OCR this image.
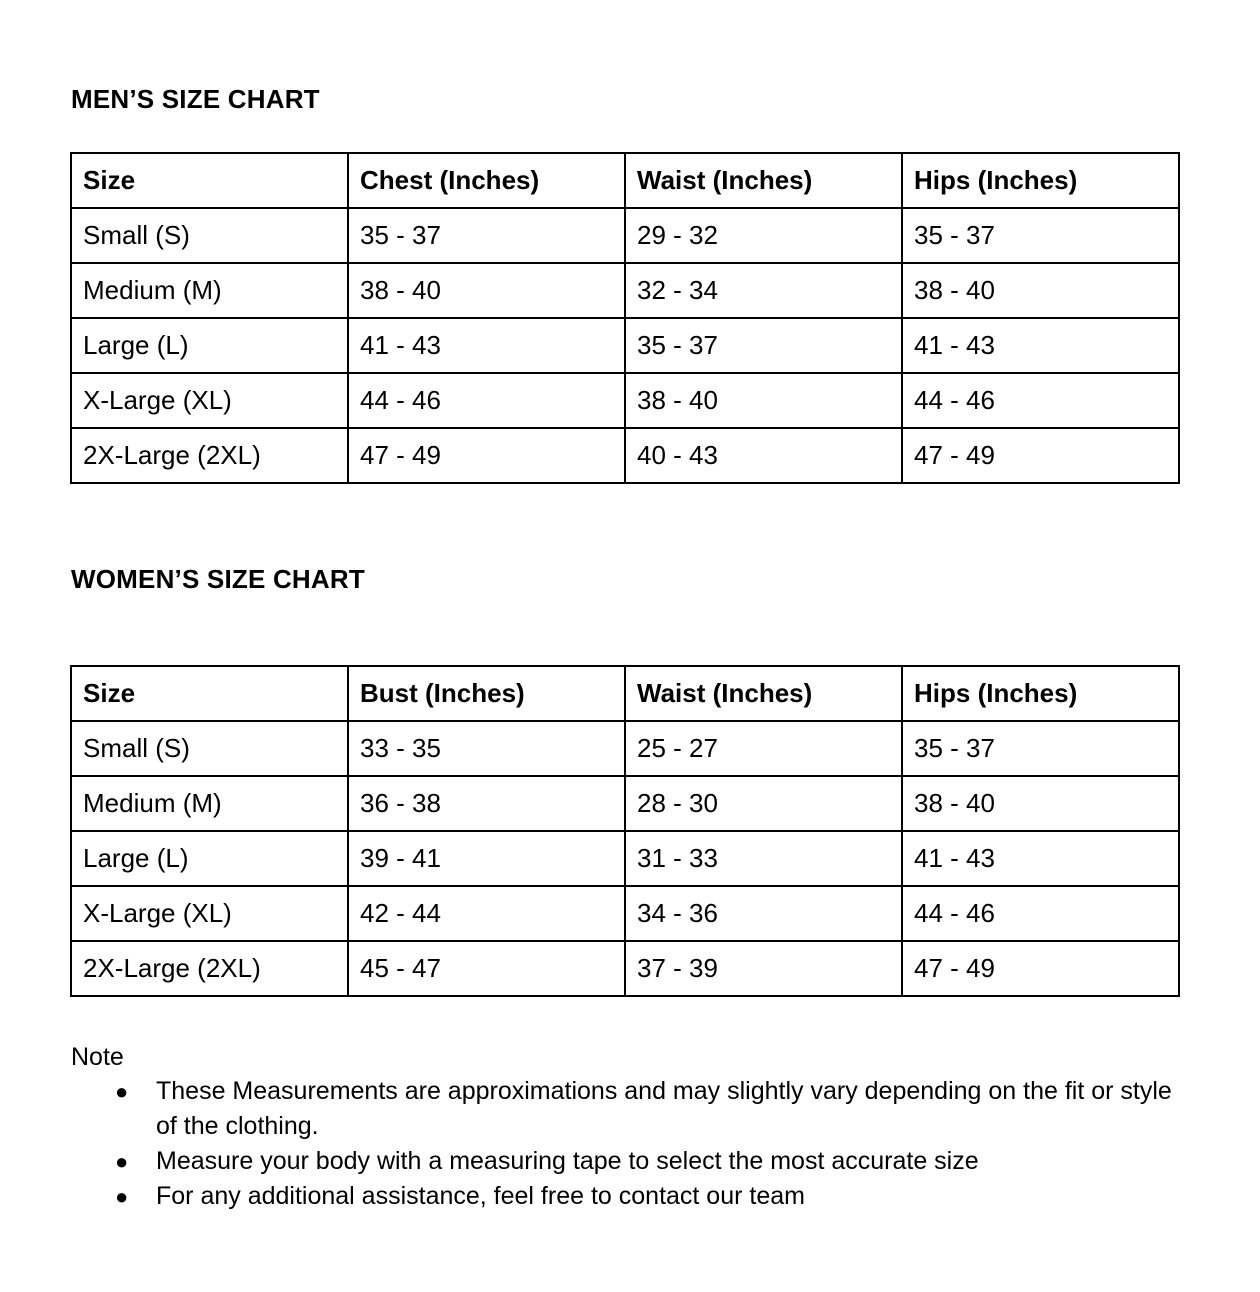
MEN’S SIZE CHART
Size	Chest (Inches)	Waist (Inches)	Hips (Inches)
Small (S)	35 - 37	29 - 32	35 - 37
Medium (M)	38 - 40	32 - 34	38 - 40
Large (L)	41 - 43	35 - 37	41 - 43
X-Large (XL)	44 - 46	38 - 40	44 - 46
2X-Large (2XL)	47 - 49	40 - 43	47 - 49
WOMEN’S SIZE CHART
Size	Bust (Inches)	Waist (Inches)	Hips (Inches)
Small (S)	33 - 35	25 - 27	35 - 37
Medium (M)	36 - 38	28 - 30	38 - 40
Large (L)	39 - 41	31 - 33	41 - 43
X-Large (XL)	42 - 44	34 - 36	44 - 46
2X-Large (2XL)	45 - 47	37 - 39	47 - 49

Note

● These Measurements are approximations and may slightly vary depending on the fit or style of the clothing.
● Measure your body with a measuring tape to select the most accurate size
● For any additional assistance, feel free to contact our team
